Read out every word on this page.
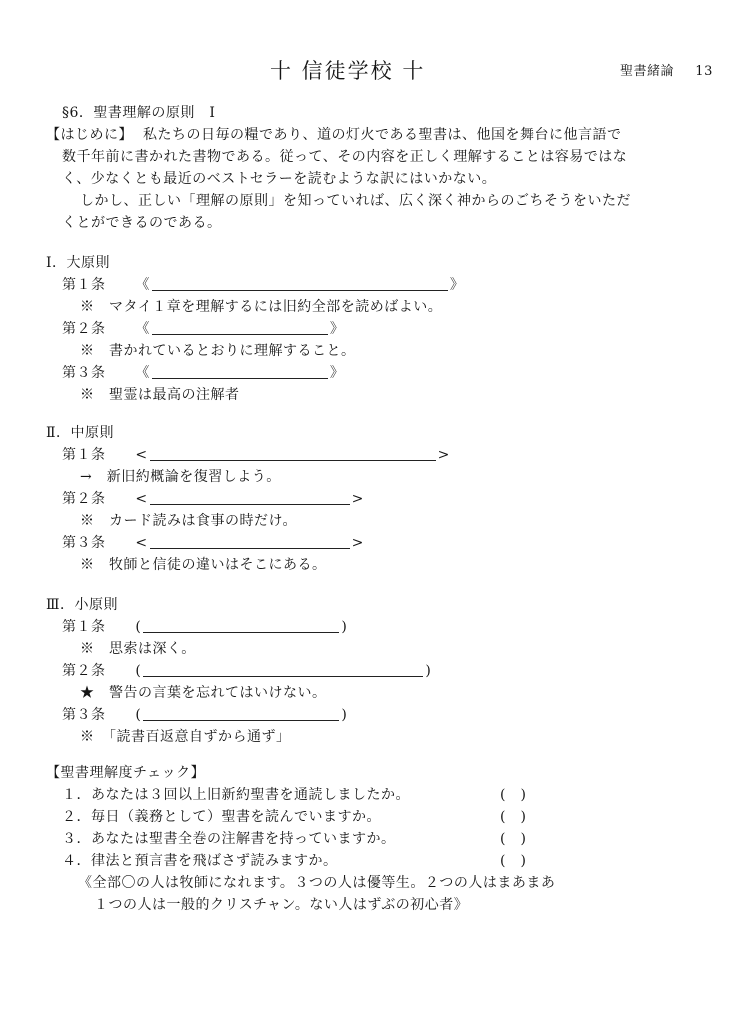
十 信徒学校 十	聖書緒論 13
§6．聖書理解の原則　I
【はじめに】 私たちの日毎の糧であり、道の灯火である聖書は、他国を舞台に他言語で
数千年前に書かれた書物である。従って、その内容を正しく理解することは容易ではな
く、少なくとも最近のベストセラーを読むような訳にはいかない。
しかし、正しい「理解の原則」を知っていれば、広く深く神からのごちそうをいただ
くとができるのである。
I．大原則
第１条 《	》
※　マタイ１章を理解するには旧約全部を読めばよい。
第２条 《	》
※　書かれているとおりに理解すること。
第３条 《	》
※　聖霊は最高の注解者
Ⅱ．中原則
第１条 <	>
→　新旧約概論を復習しよう。
第２条 <	>
※　カード読みは食事の時だけ。
第３条 <	>
※　牧師と信徒の違いはそこにある。
Ⅲ．小原則
第１条 (	)
※　思索は深く。
第２条 (	)
★　警告の言葉を忘れてはいけない。
第３条 (	)
※　「読書百返意自ずから通ず」
【聖書理解度チェック】
１．あなたは３回以上旧新約聖書を通読しましたか。	(　)
２．毎日（義務として）聖書を読んでいますか。	(　)
３．あなたは聖書全巻の注解書を持っていますか。	(　)
４．律法と預言書を飛ばさず読みますか。	(　)
《全部〇の人は牧師になれます。３つの人は優等生。２つの人はまあまあ
１つの人は一般的クリスチャン。ない人はずぶの初心者》
